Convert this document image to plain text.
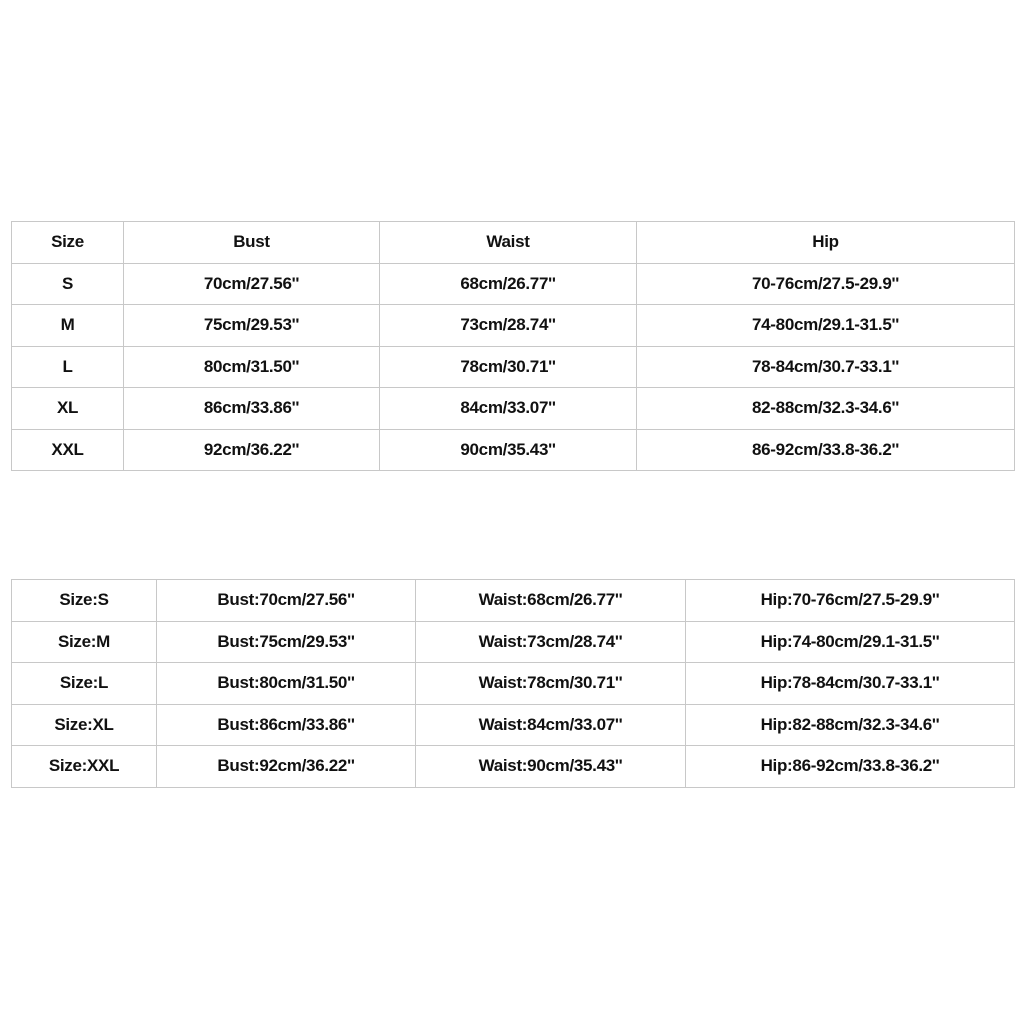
Size	Bust	Waist	Hip
S	70cm/27.56''	68cm/26.77''	70-76cm/27.5-29.9''
M	75cm/29.53''	73cm/28.74''	74-80cm/29.1-31.5''
L	80cm/31.50''	78cm/30.71''	78-84cm/30.7-33.1''
XL	86cm/33.86''	84cm/33.07''	82-88cm/32.3-34.6''
XXL	92cm/36.22''	90cm/35.43''	86-92cm/33.8-36.2''
Size:S	Bust:70cm/27.56''	Waist:68cm/26.77''	Hip:70-76cm/27.5-29.9''
Size:M	Bust:75cm/29.53''	Waist:73cm/28.74''	Hip:74-80cm/29.1-31.5''
Size:L	Bust:80cm/31.50''	Waist:78cm/30.71''	Hip:78-84cm/30.7-33.1''
Size:XL	Bust:86cm/33.86''	Waist:84cm/33.07''	Hip:82-88cm/32.3-34.6''
Size:XXL	Bust:92cm/36.22''	Waist:90cm/35.43''	Hip:86-92cm/33.8-36.2''
